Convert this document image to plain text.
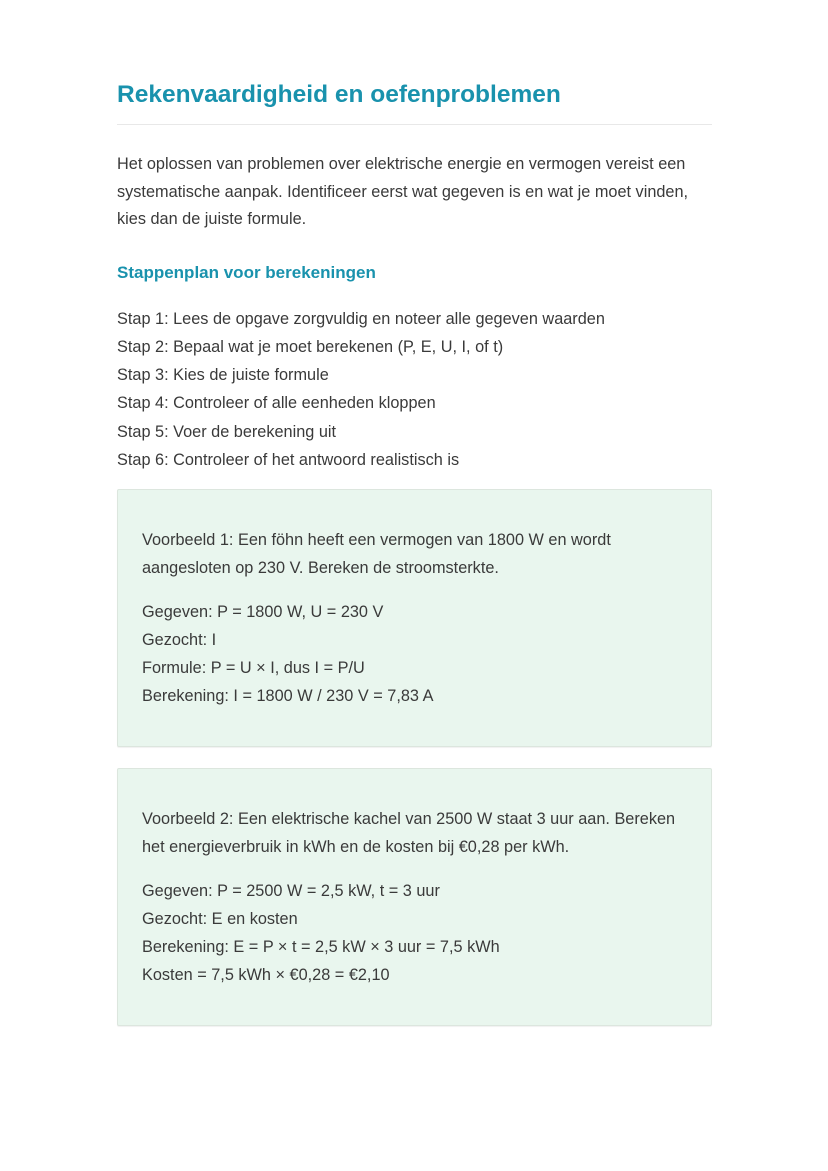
Rekenvaardigheid en oefenproblemen

Het oplossen van problemen over elektrische energie en vermogen vereist een systematische aanpak. Identificeer eerst wat gegeven is en wat je moet vinden, kies dan de juiste formule.

Stappenplan voor berekeningen
Stap 1: Lees de opgave zorgvuldig en noteer alle gegeven waarden
Stap 2: Bepaal wat je moet berekenen (P, E, U, I, of t)
Stap 3: Kies de juiste formule
Stap 4: Controleer of alle eenheden kloppen
Stap 5: Voer de berekening uit
Stap 6: Controleer of het antwoord realistisch is

Voorbeeld 1: Een föhn heeft een vermogen van 1800 W en wordt aangesloten op 230 V. Bereken de stroomsterkte.

Gegeven: P = 1800 W, U = 230 V
Gezocht: I
Formule: P = U × I, dus I = P/U
Berekening: I = 1800 W / 230 V = 7,83 A

Voorbeeld 2: Een elektrische kachel van 2500 W staat 3 uur aan. Bereken het energieverbruik in kWh en de kosten bij €0,28 per kWh.

Gegeven: P = 2500 W = 2,5 kW, t = 3 uur
Gezocht: E en kosten
Berekening: E = P × t = 2,5 kW × 3 uur = 7,5 kWh
Kosten = 7,5 kWh × €0,28 = €2,10
